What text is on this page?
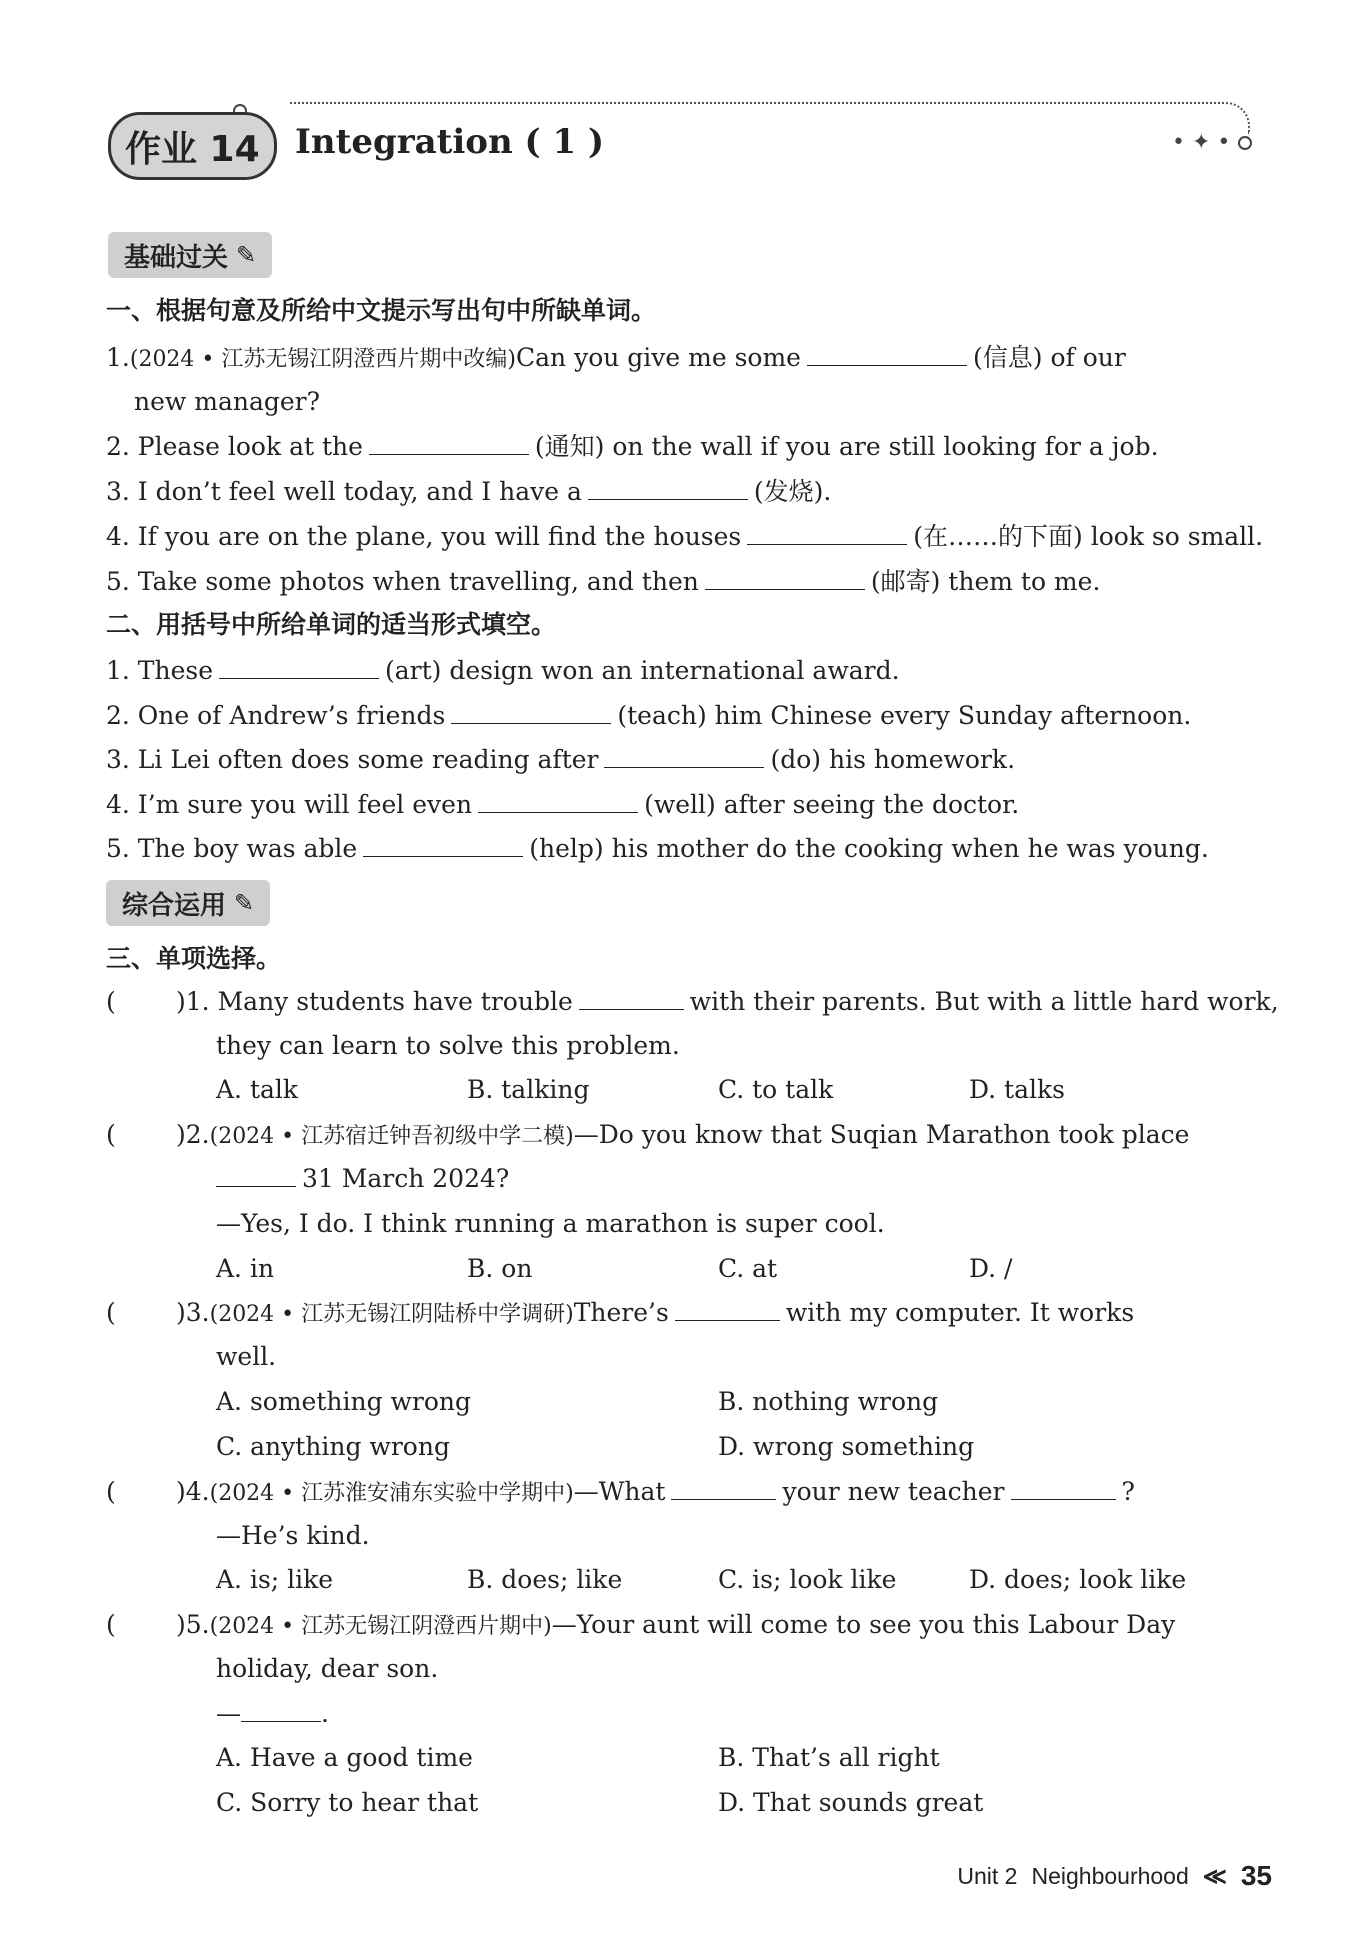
作业 14	Integration ( 1 )	• ✦ •
基础过关 ✎
一、根据句意及所给中文提示写出句中所缺单词。
1.(2024 • 江苏无锡江阴澄西片期中改编)Can you give me some	(信息) of our
new manager?
2. Please look at the	(通知) on the wall if you are still looking for a job.
3. I don’t feel well today, and I have a	(发烧).
4. If you are on the plane, you will find the houses	(在……的下面) look so small.
5. Take some photos when travelling, and then	(邮寄) them to me.
二、用括号中所给单词的适当形式填空。
1. These	(art) design won an international award.
2. One of Andrew’s friends	(teach) him Chinese every Sunday afternoon.
3. Li Lei often does some reading after	(do) his homework.
4. I’m sure you will feel even	(well) after seeing the doctor.
5. The boy was able	(help) his mother do the cooking when he was young.
综合运用 ✎
三、单项选择。
( )1. Many students have trouble	with their parents. But with a little hard work,
they can learn to solve this problem.
A. talk	B. talking	C. to talk	D. talks
( )2.(2024 • 江苏宿迁钟吾初级中学二模)—Do you know that Suqian Marathon took place
31 March 2024?
—Yes, I do. I think running a marathon is super cool.
A. in	B. on	C. at	D. /
( )3.(2024 • 江苏无锡江阴陆桥中学调研)There’s	with my computer. It works
well.
A. something wrong	B. nothing wrong
C. anything wrong	D. wrong something
( )4.(2024 • 江苏淮安浦东实验中学期中)—What	your new teacher	?
—He’s kind.
A. is; like	B. does; like	C. is; look like	D. does; look like
( )5.(2024 • 江苏无锡江阴澄西片期中)—Your aunt will come to see you this Labour Day
holiday, dear son.
—	.
A. Have a good time	B. That’s all right
C. Sorry to hear that	D. That sounds great
Unit 2 Neighbourhood ≪ 35
